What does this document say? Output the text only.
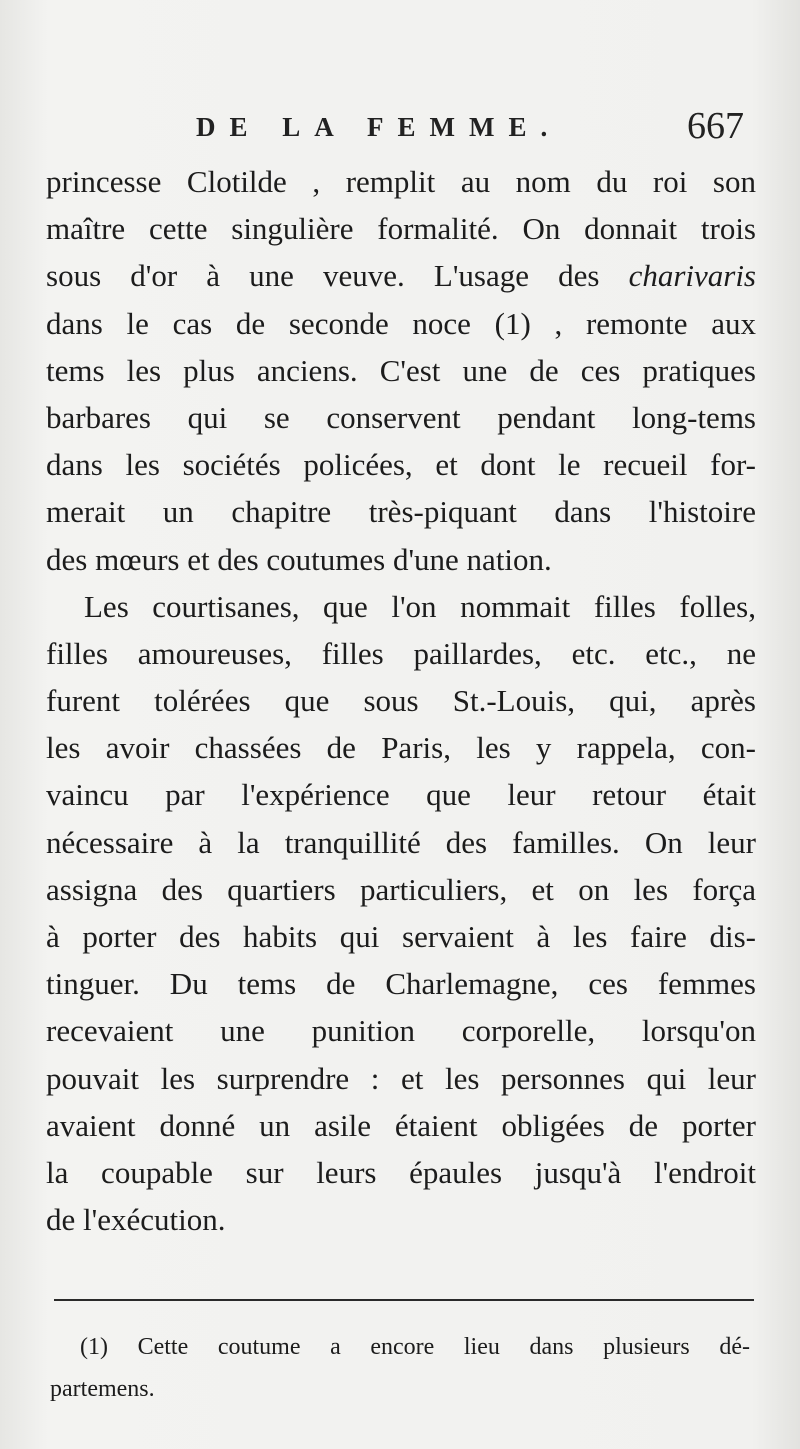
DE LA FEMME.	667
princesse Clotilde , remplit au nom du roi son
maître cette singulière formalité. On donnait trois
sous d'or à une veuve. L'usage des charivaris
dans le cas de seconde noce (1) , remonte aux
tems les plus anciens. C'est une de ces pratiques
barbares qui se conservent pendant long-tems
dans les sociétés policées, et dont le recueil for-
merait un chapitre très-piquant dans l'histoire
des mœurs et des coutumes d'une nation.
Les courtisanes, que l'on nommait filles folles,
filles amoureuses, filles paillardes, etc. etc., ne
furent tolérées que sous St.-Louis, qui, après
les avoir chassées de Paris, les y rappela, con-
vaincu par l'expérience que leur retour était
nécessaire à la tranquillité des familles. On leur
assigna des quartiers particuliers, et on les força
à porter des habits qui servaient à les faire dis-
tinguer. Du tems de Charlemagne, ces femmes
recevaient une punition corporelle, lorsqu'on
pouvait les surprendre : et les personnes qui leur
avaient donné un asile étaient obligées de porter
la coupable sur leurs épaules jusqu'à l'endroit
de l'exécution.
(1) Cette coutume a encore lieu dans plusieurs dé-
partemens.
